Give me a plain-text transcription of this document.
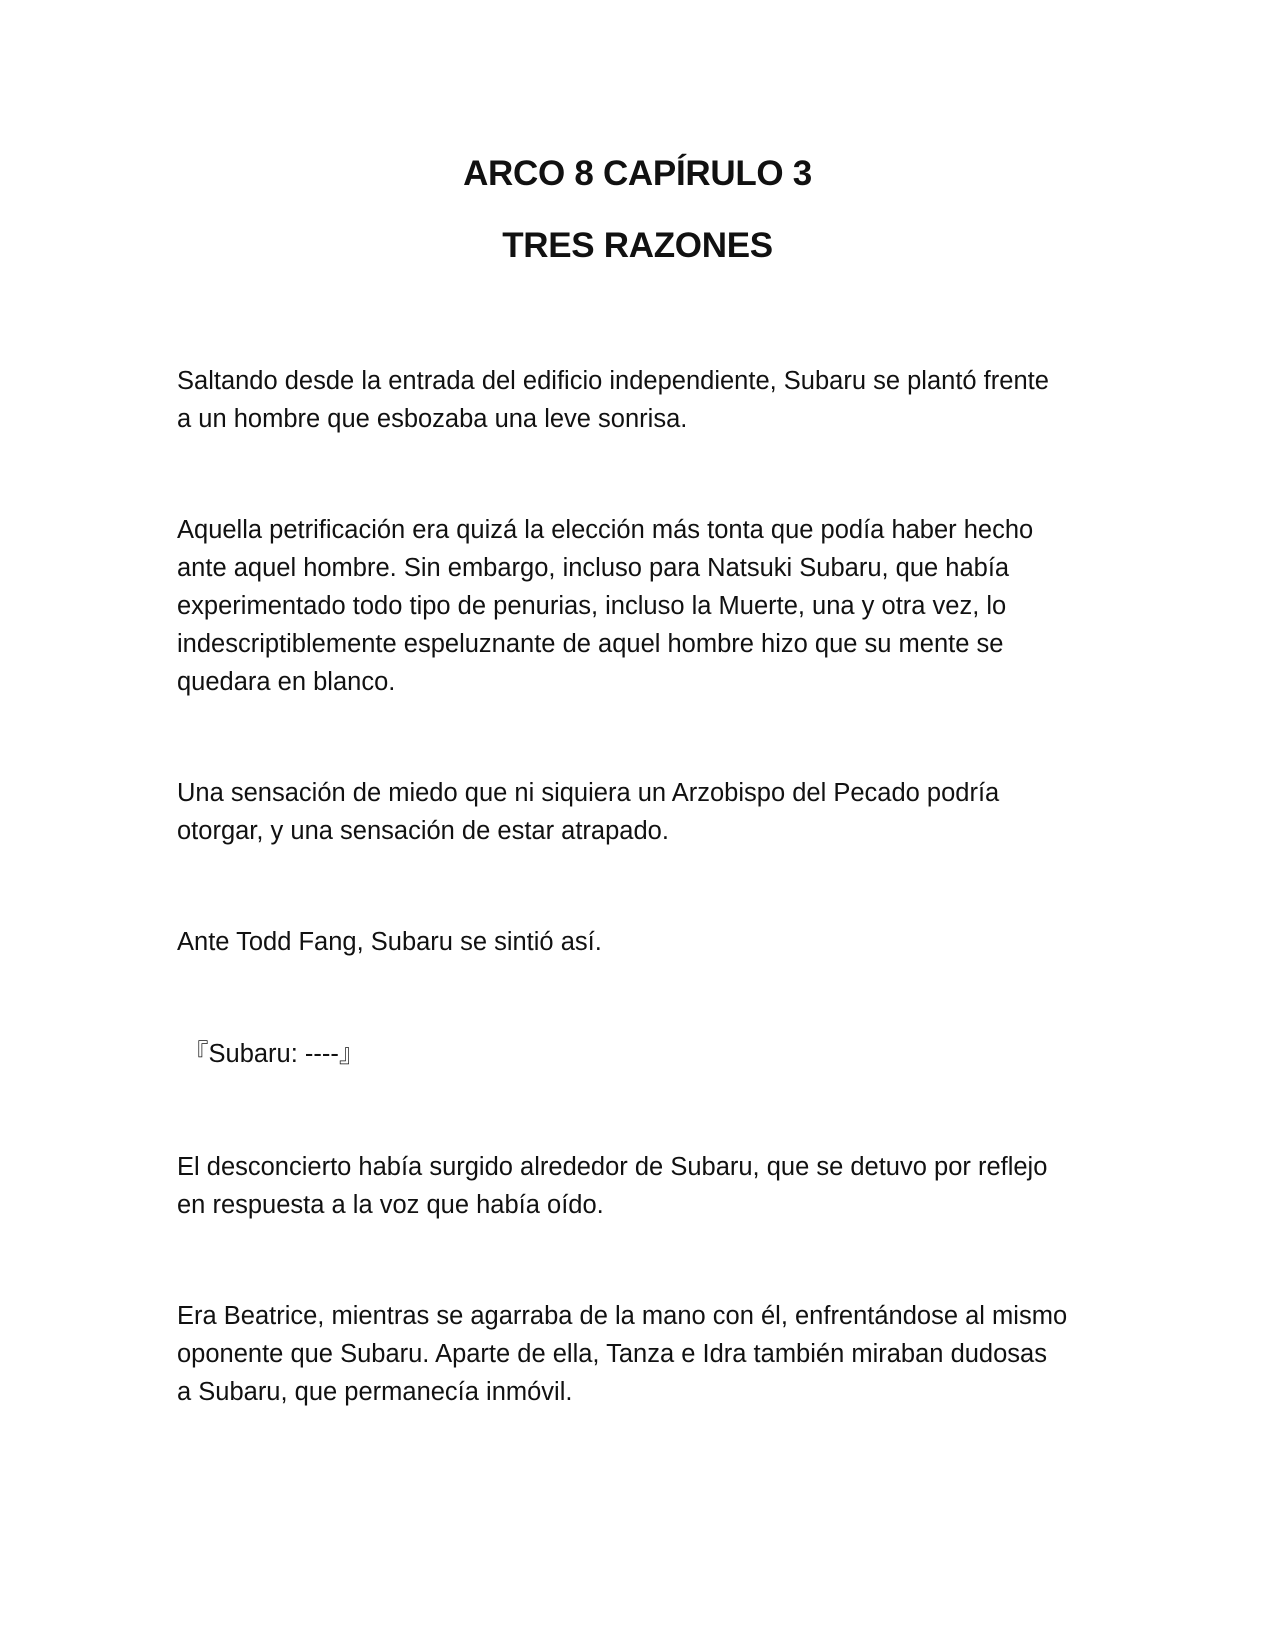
ARCO 8 CAPÍRULO 3
TRES RAZONES
Saltando desde la entrada del edificio independiente, Subaru se plantó frente
a un hombre que esbozaba una leve sonrisa.
Aquella petrificación era quizá la elección más tonta que podía haber hecho
ante aquel hombre. Sin embargo, incluso para Natsuki Subaru, que había
experimentado todo tipo de penurias, incluso la Muerte, una y otra vez, lo
indescriptiblemente espeluznante de aquel hombre hizo que su mente se
quedara en blanco.
Una sensación de miedo que ni siquiera un Arzobispo del Pecado podría
otorgar, y una sensación de estar atrapado.
Ante Todd Fang, Subaru se sintió así.
『Subaru: ----』
El desconcierto había surgido alrededor de Subaru, que se detuvo por reflejo
en respuesta a la voz que había oído.
Era Beatrice, mientras se agarraba de la mano con él, enfrentándose al mismo
oponente que Subaru. Aparte de ella, Tanza e Idra también miraban dudosas
a Subaru, que permanecía inmóvil.
